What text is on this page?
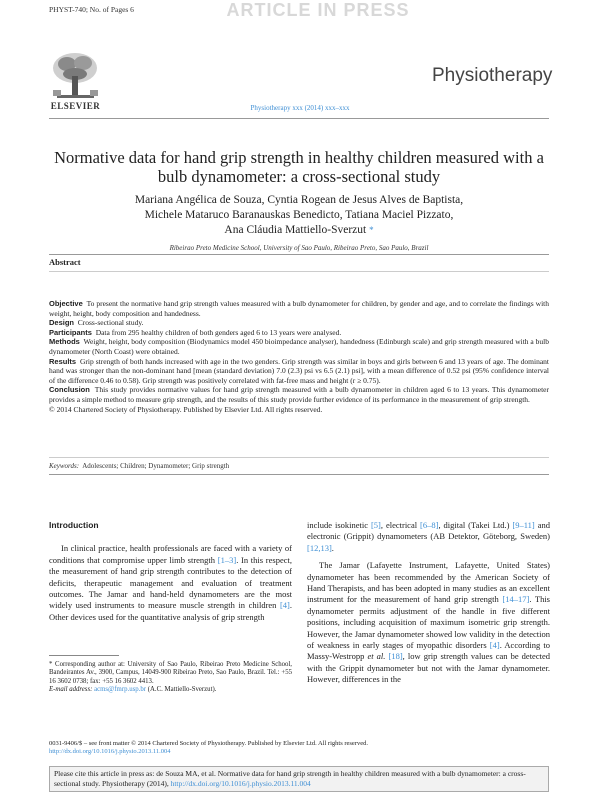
PHYST-740; No. of Pages 6	ARTICLE IN PRESS
ELSEVIER
Physiotherapy
Physiotherapy xxx (2014) xxx–xxx
Normative data for hand grip strength in healthy children measured with a bulb dynamometer: a cross-sectional study
Mariana Angélica de Souza, Cyntia Rogean de Jesus Alves de Baptista,
Michele Mataruco Baranauskas Benedicto, Tatiana Maciel Pizzato,
Ana Cláudia Mattiello-Sverzut *
Ribeirao Preto Medicine School, University of Sao Paulo, Ribeirao Preto, Sao Paulo, Brazil
Abstract

Objective To present the normative hand grip strength values measured with a bulb dynamometer for children, by gender and age, and to correlate the findings with weight, height, body composition and handedness.

Design Cross-sectional study.

Participants Data from 295 healthy children of both genders aged 6 to 13 years were analysed.

Methods Weight, height, body composition (Biodynamics model 450 bioimpedance analyser), handedness (Edinburgh scale) and grip strength measured with a bulb dynamometer (North Coast) were obtained.

Results Grip strength of both hands increased with age in the two genders. Grip strength was similar in boys and girls between 6 and 13 years of age. The dominant hand was stronger than the non-dominant hand [mean (standard deviation) 7.0 (2.3) psi vs 6.5 (2.1) psi], with a mean difference of 0.52 psi (95% confidence interval of the difference 0.46 to 0.58). Grip strength was positively correlated with fat-free mass and height (r ≥ 0.75).

Conclusion This study provides normative values for hand grip strength measured with a bulb dynamometer in children aged 6 to 13 years. This dynamometer provides a simple method to measure grip strength, and the results of this study provide further evidence of its performance in the measurement of grip strength.

© 2014 Chartered Society of Physiotherapy. Published by Elsevier Ltd. All rights reserved.

Keywords: Adolescents; Children; Dynamometer; Grip strength
Introduction

In clinical practice, health professionals are faced with a variety of conditions that compromise upper limb strength [1–3]. In this respect, the measurement of hand grip strength contributes to the detection of deficits, therapeutic management and evaluation of treatment outcomes. The Jamar and hand-held dynamometers are the most widely used instruments to measure muscle strength in children [4]. Other devices used for the quantitative analysis of grip strength

include isokinetic [5], electrical [6–8], digital (Takei Ltd.) [9–11] and electronic (Grippit) dynamometers (AB Detektor, Göteborg, Sweden) [12,13].

The Jamar (Lafayette Instrument, Lafayette, United States) dynamometer has been recommended by the American Society of Hand Therapists, and has been adopted in many studies as an excellent instrument for the measurement of hand grip strength [14–17]. This dynamometer permits adjustment of the handle in five different positions, including acquisition of maximum isometric grip strength. However, the Jamar dynamometer showed low validity in the detection of weakness in early stages of myopathic disorders [4]. According to Massy-Westropp et al. [18], low grip strength values can be detected with the Grippit dynamometer but not with the Jamar dynamometer. However, differences in the

* Corresponding author at: University of Sao Paulo, Ribeirao Preto Medicine School, Bandeirantes Av., 3900, Campus, 14049-900 Ribeirao Preto, Sao Paulo, Brazil. Tel.: +55 16 3602 0738; fax: +55 16 3602 4413.
E-mail address: acms@fmrp.usp.br (A.C. Mattiello-Sverzut).
0031-9406/$ – see front matter © 2014 Chartered Society of Physiotherapy. Published by Elsevier Ltd. All rights reserved.
http://dx.doi.org/10.1016/j.physio.2013.11.004
Please cite this article in press as: de Souza MA, et al. Normative data for hand grip strength in healthy children measured with a bulb dynamometer: a cross-sectional study. Physiotherapy (2014), http://dx.doi.org/10.1016/j.physio.2013.11.004
